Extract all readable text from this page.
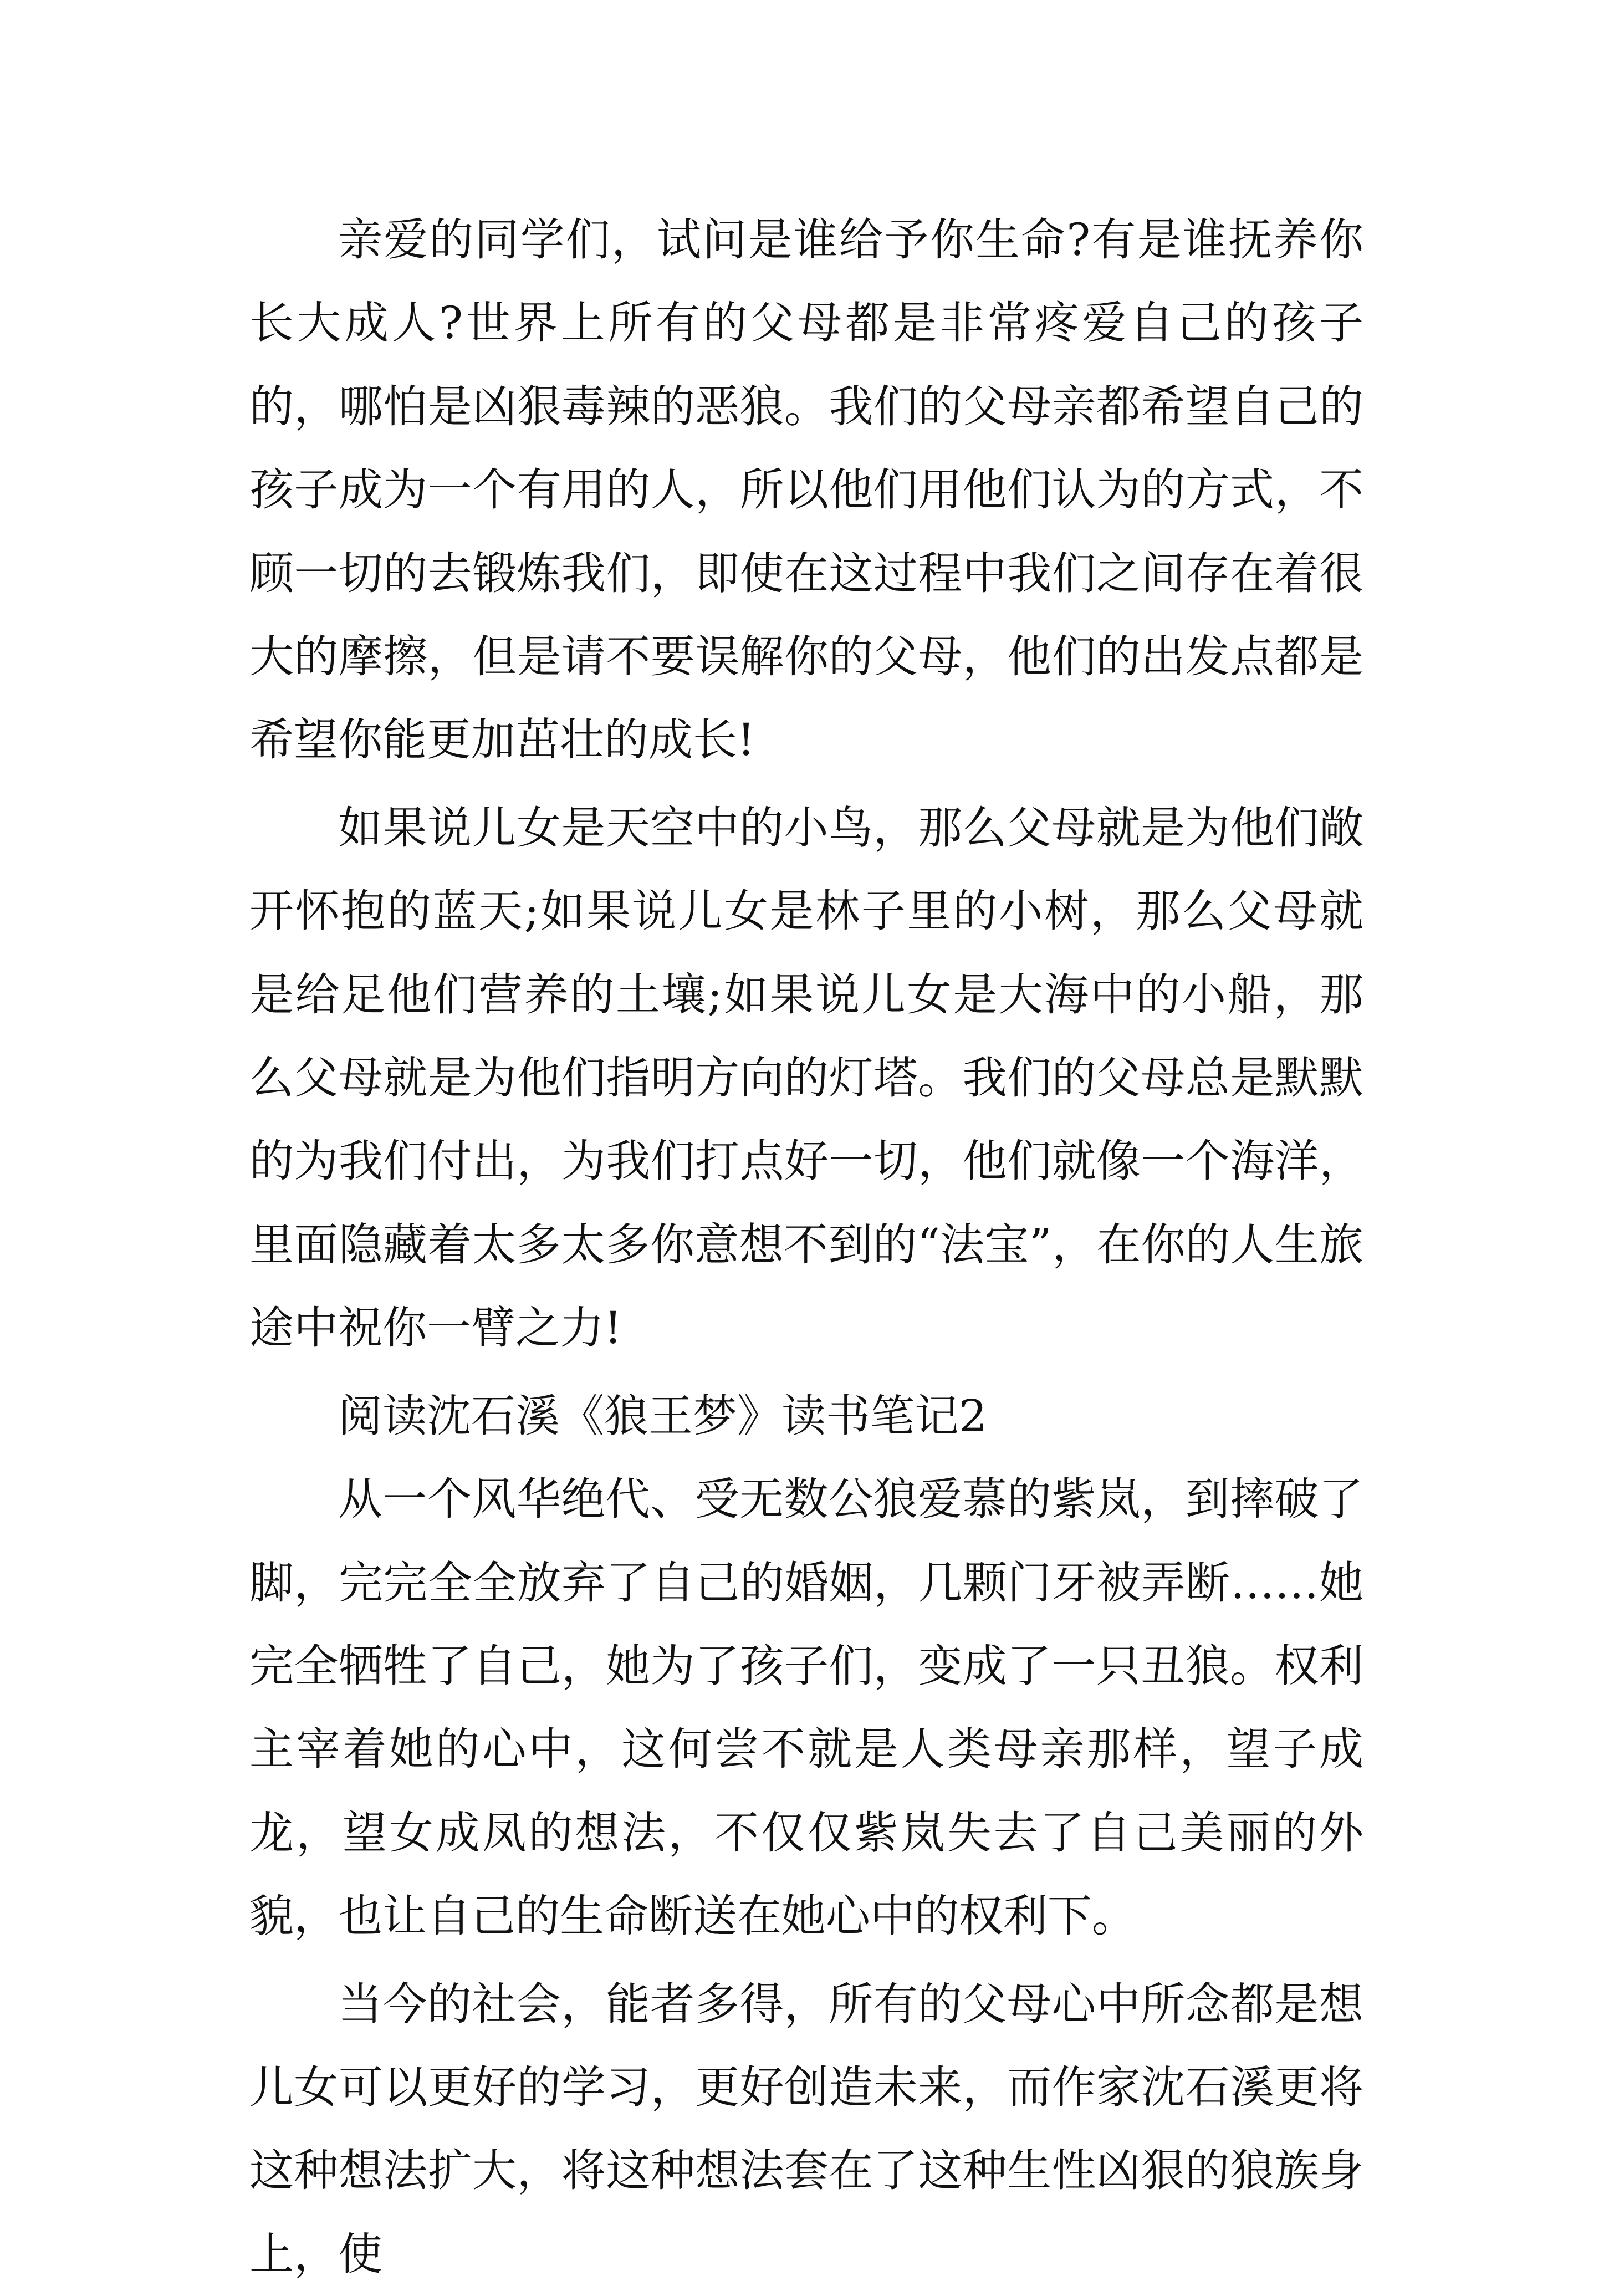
亲爱的同学们，试问是谁给予你生命?有是谁抚养你长大成人?世界上所有的父母都是非常疼爱自己的孩子的，哪怕是凶狠毒辣的恶狼。我们的父母亲都希望自己的孩子成为一个有用的人，所以他们用他们认为的方式，不顾一切的去锻炼我们，即使在这过程中我们之间存在着很大的摩擦，但是请不要误解你的父母，他们的出发点都是希望你能更加茁壮的成长!

如果说儿女是天空中的小鸟，那么父母就是为他们敞开怀抱的蓝天;如果说儿女是林子里的小树，那么父母就是给足他们营养的土壤;如果说儿女是大海中的小船，那么父母就是为他们指明方向的灯塔。我们的父母总是默默的为我们付出，为我们打点好一切，他们就像一个海洋，里面隐藏着太多太多你意想不到的“法宝”，在你的人生旅途中祝你一臂之力!

阅读沈石溪《狼王梦》读书笔记2

从一个风华绝代、受无数公狼爱慕的紫岚，到摔破了脚，完完全全放弃了自己的婚姻，几颗门牙被弄断……她完全牺牲了自己，她为了孩子们，变成了一只丑狼。权利主宰着她的心中，这何尝不就是人类母亲那样，望子成龙，望女成凤的想法，不仅仅紫岚失去了自己美丽的外貌，也让自己的生命断送在她心中的权利下。

当今的社会，能者多得，所有的父母心中所念都是想儿女可以更好的学习，更好创造未来，而作家沈石溪更将这种想法扩大，将这种想法套在了这种生性凶狠的狼族身上，使
